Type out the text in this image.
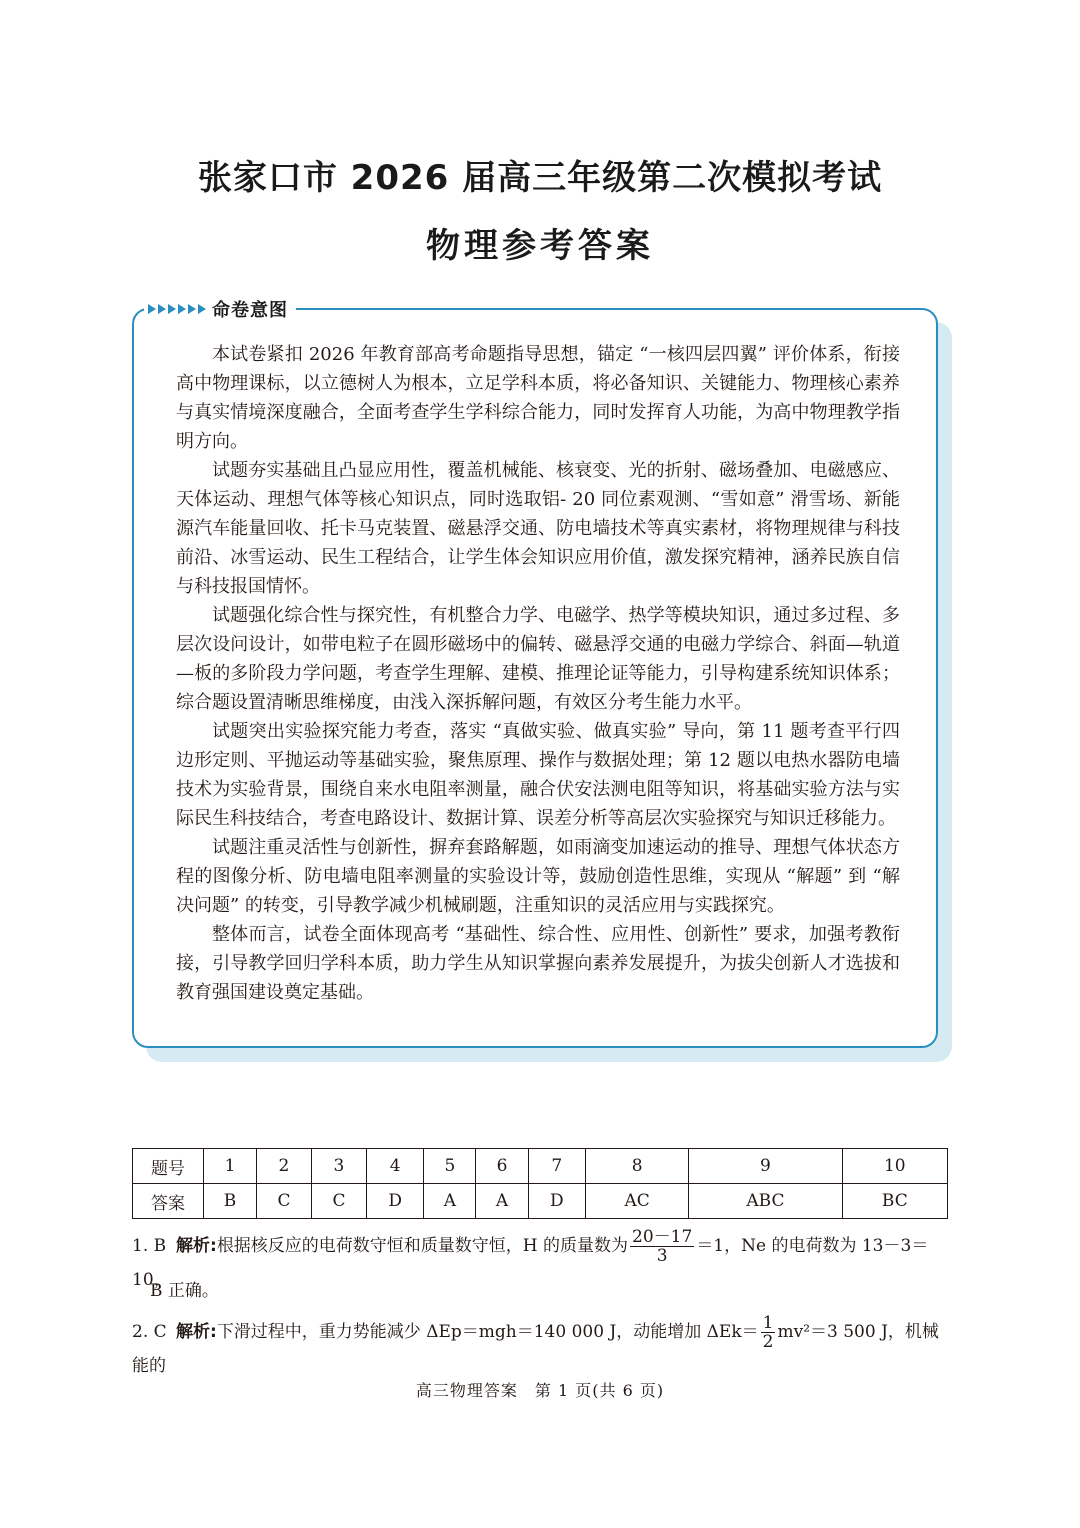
张家口市 2026 届高三年级第二次模拟考试
物理参考答案
命卷意图

本试卷紧扣 2026 年教育部高考命题指导思想，锚定 “一核四层四翼” 评价体系，衔接高中物理课标，以立德树人为根本，立足学科本质，将必备知识、关键能力、物理核心素养与真实情境深度融合，全面考查学生学科综合能力，同时发挥育人功能，为高中物理教学指明方向。

试题夯实基础且凸显应用性，覆盖机械能、核衰变、光的折射、磁场叠加、电磁感应、天体运动、理想气体等核心知识点，同时选取铝- 20 同位素观测、“雪如意” 滑雪场、新能源汽车能量回收、托卡马克装置、磁悬浮交通、防电墙技术等真实素材，将物理规律与科技前沿、冰雪运动、民生工程结合，让学生体会知识应用价值，激发探究精神，涵养民族自信与科技报国情怀。

试题强化综合性与探究性，有机整合力学、电磁学、热学等模块知识，通过多过程、多层次设问设计，如带电粒子在圆形磁场中的偏转、磁悬浮交通的电磁力学综合、斜面—轨道—板的多阶段力学问题，考查学生理解、建模、推理论证等能力，引导构建系统知识体系；综合题设置清晰思维梯度，由浅入深拆解问题，有效区分考生能力水平。

试题突出实验探究能力考查，落实 “真做实验、做真实验” 导向，第 11 题考查平行四边形定则、平抛运动等基础实验，聚焦原理、操作与数据处理；第 12 题以电热水器防电墙技术为实验背景，围绕自来水电阻率测量，融合伏安法测电阻等知识，将基础实验方法与实际民生科技结合，考查电路设计、数据计算、误差分析等高层次实验探究与知识迁移能力。

试题注重灵活性与创新性，摒弃套路解题，如雨滴变加速运动的推导、理想气体状态方程的图像分析、防电墙电阻率测量的实验设计等，鼓励创造性思维，实现从 “解题” 到 “解决问题” 的转变，引导教学减少机械刷题，注重知识的灵活应用与实践探究。

整体而言，试卷全面体现高考 “基础性、综合性、应用性、创新性” 要求，加强考教衔接，引导教学回归学科本质，助力学生从知识掌握向素养发展提升，为拔尖创新人才选拔和教育强国建设奠定基础。

题号	1	2	3	4	5	6	7	8	9	10
答案	B	C	C	D	A	A	D	AC	ABC	BC
1. B 解析:根据核反应的电荷数守恒和质量数守恒，H 的质量数为 $\frac{20-17}{3} =1$，Ne 的电荷数为 13－3＝10，
B 正确。
2. C 解析:下滑过程中，重力势能减少 ΔEp＝mgh＝140 000 J，动能增加 $\Delta Ek= \frac{1}{2} mv^2=3$ 500 J，机械能的
高三物理答案　第 1 页(共 6 页)
